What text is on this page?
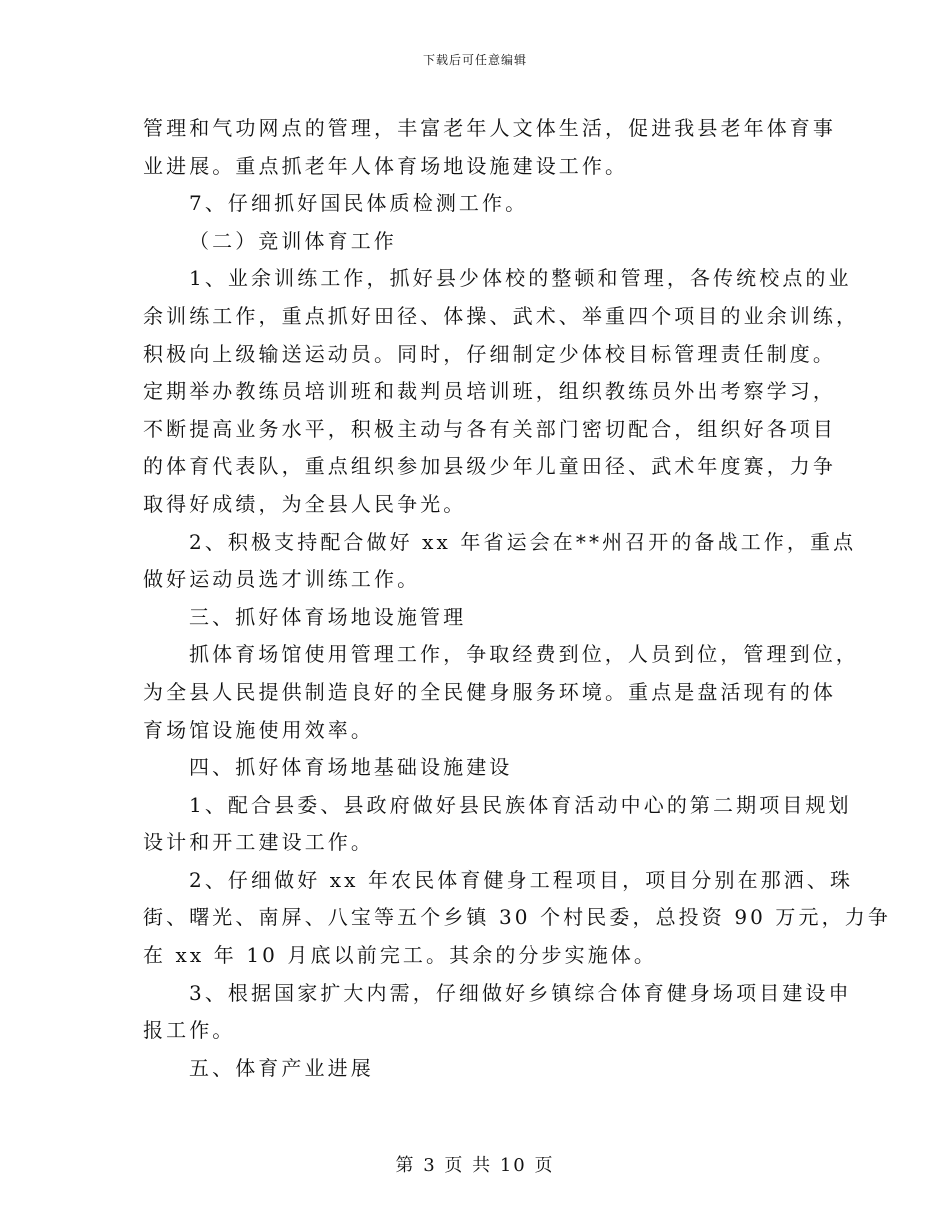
下载后可任意编辑
管理和气功网点的管理，丰富老年人文体生活，促进我县老年体育事
业进展。重点抓老年人体育场地设施建设工作。
7、仔细抓好国民体质检测工作。
（二）竞训体育工作
1、业余训练工作，抓好县少体校的整顿和管理，各传统校点的业
余训练工作，重点抓好田径、体操、武术、举重四个项目的业余训练，
积极向上级输送运动员。同时，仔细制定少体校目标管理责任制度。
定期举办教练员培训班和裁判员培训班，组织教练员外出考察学习，
不断提高业务水平，积极主动与各有关部门密切配合，组织好各项目
的体育代表队，重点组织参加县级少年儿童田径、武术年度赛，力争
取得好成绩，为全县人民争光。
2、积极支持配合做好 xx 年省运会在**州召开的备战工作，重点
做好运动员选才训练工作。
三、抓好体育场地设施管理
抓体育场馆使用管理工作，争取经费到位，人员到位，管理到位，
为全县人民提供制造良好的全民健身服务环境。重点是盘活现有的体
育场馆设施使用效率。
四、抓好体育场地基础设施建设
1、配合县委、县政府做好县民族体育活动中心的第二期项目规划
设计和开工建设工作。
2、仔细做好 xx 年农民体育健身工程项目，项目分别在那洒、珠
街、曙光、南屏、八宝等五个乡镇 30 个村民委，总投资 90 万元，力争
在 xx 年 10 月底以前完工。其余的分步实施体。
3、根据国家扩大内需，仔细做好乡镇综合体育健身场项目建设申
报工作。
五、体育产业进展
第 3 页 共 10 页
